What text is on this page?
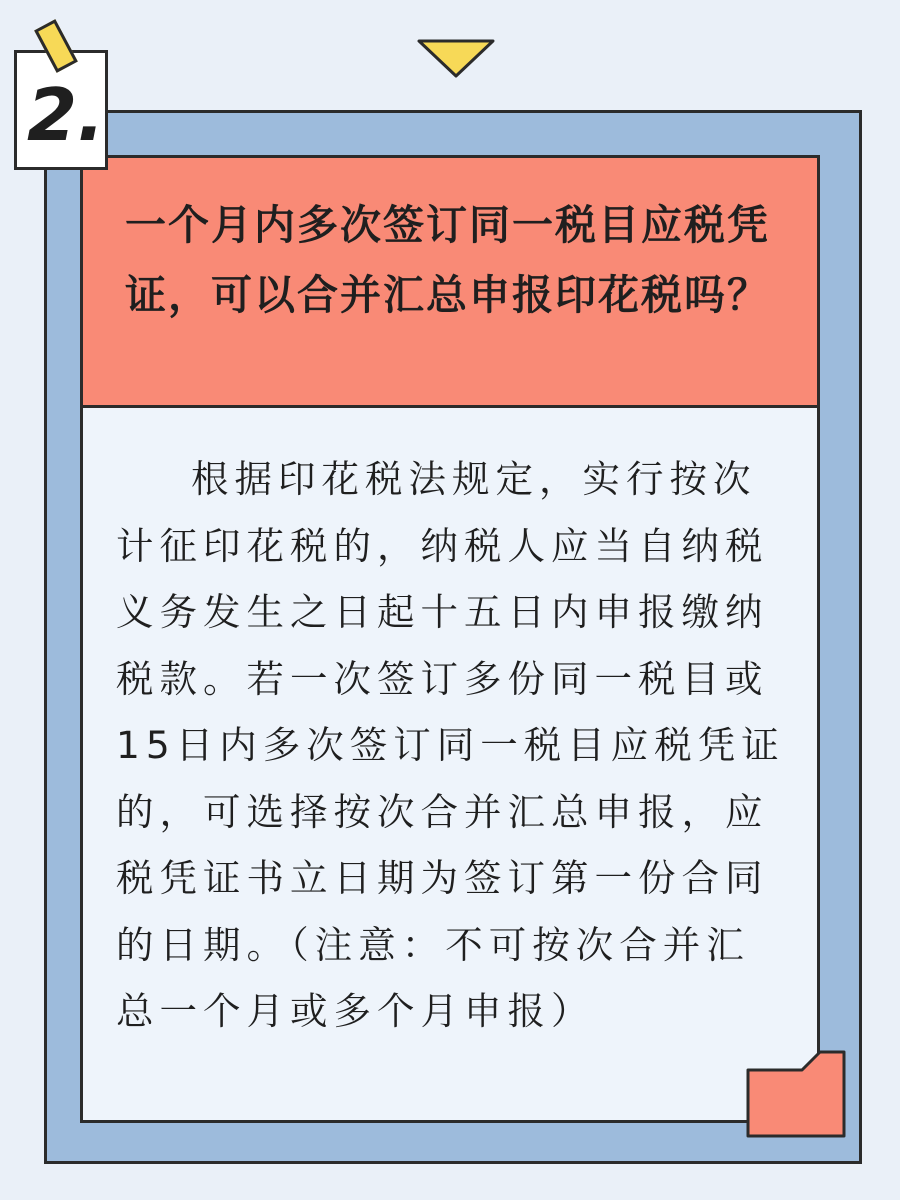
一个月内多次签订同一税目应税凭证，可以合并汇总申报印花税吗？

根据印花税法规定，实行按次计征印花税的，纳税人应当自纳税义务发生之日起十五日内申报缴纳税款。若一次签订多份同一税目或15日内多次签订同一税目应税凭证的，可选择按次合并汇总申报，应税凭证书立日期为签订第一份合同的日期。（注意：不可按次合并汇总一个月或多个月申报）

2.
